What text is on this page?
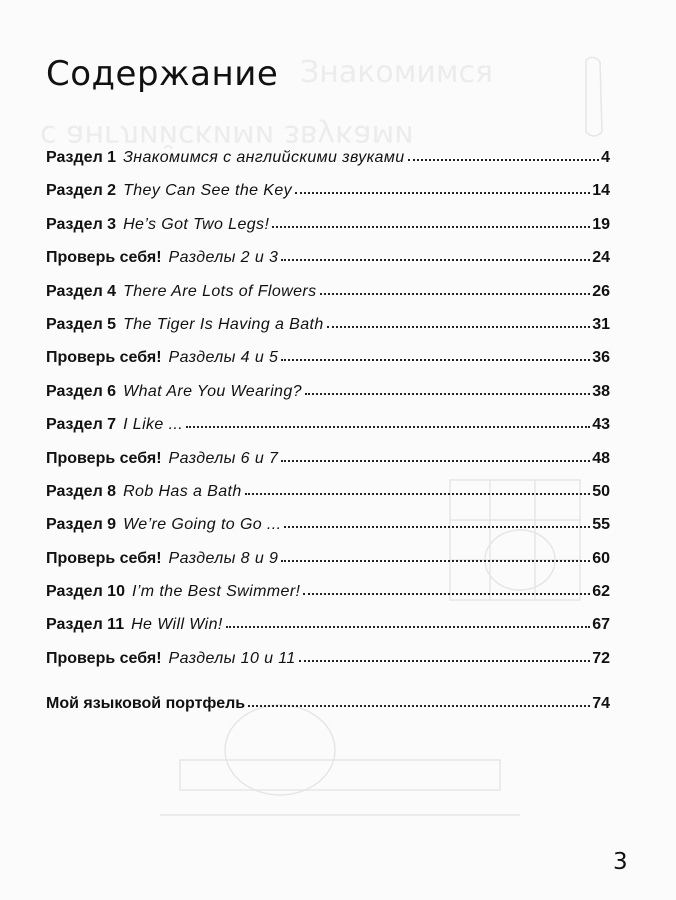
Знакомимся
с английскими звуками
Содержание
Раздел 1 Знакомимся с английскими звуками	4
Раздел 2 They Can See the Key	14
Раздел 3 He’s Got Two Legs!	19
Проверь себя! Разделы 2 и 3	24
Раздел 4 There Are Lots of Flowers	26
Раздел 5 The Tiger Is Having a Bath	31
Проверь себя! Разделы 4 и 5	36
Раздел 6 What Are You Wearing?	38
Раздел 7 I Like ...	43
Проверь себя! Разделы 6 и 7	48
Раздел 8 Rob Has a Bath	50
Раздел 9 We’re Going to Go ...	55
Проверь себя! Разделы 8 и 9	60
Раздел 10 I’m the Best Swimmer!	62
Раздел 11 He Will Win!	67
Проверь себя! Разделы 10 и 11	72
Мой языковой портфель	74
3
